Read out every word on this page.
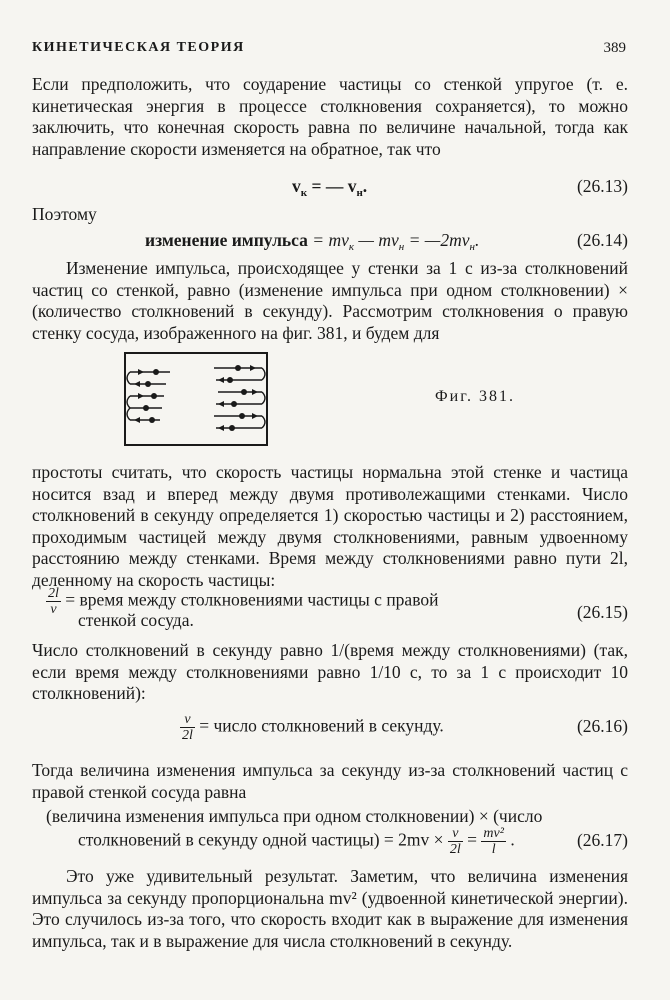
КИНЕТИЧЕСКАЯ ТЕОРИЯ	389
Если предположить, что соударение частицы со стенкой упругое (т. е. кинетическая энергия в процессе столкновения сохраняется), то можно заключить, что конечная скорость равна по величине начальной, тогда как направление скорости изменяется на обратное, так что
$v_к$ = — $v_н$.	(26.13)
Поэтому
изменение импульса = $mv_к$ — $mv_н$ = $—2mv_н$.	(26.14)
Изменение импульса, происходящее у стенки за 1 с из-за столкновений частиц со стенкой, равно (изменение импульса при одном столкновении) × (количество столкновений в секунду). Рассмотрим столкновения о правую стенку сосуда, изображенного на фиг. 381, и будем для
Фиг. 381.
простоты считать, что скорость частицы нормальна этой стенке и частица носится взад и вперед между двумя противолежащими стенками. Число столкновений в секунду определяется 1) скоростью частицы и 2) расстоянием, проходимым частицей между двумя столкновениями, равным удвоенному расстоянию между стенками. Время между столкновениями равно пути 2l, деленному на скорость частицы:
$\frac{2l}{v}$ = время между столкновениями частицы с правой
стенкой сосуда.	(26.15)
Число столкновений в секунду равно 1/(время между столкновениями) (так, если время между столкновениями равно 1/10 с, то за 1 с происходит 10 столкновений):
$\frac{v}{2l}$ = число столкновений в секунду.	(26.16)
Тогда величина изменения импульса за секунду из-за столкновений частиц с правой стенкой сосуда равна
(величина изменения импульса при одном столкновении) × (число
столкновений в секунду одной частицы) = $2mv \times \frac{v}{2l} = \frac{\text{mv²}}{l}$ .	(26.17)
Это уже удивительный результат. Заметим, что величина изменения импульса за секунду пропорциональна mv² (удвоенной кинетической энергии). Это случилось из-за того, что скорость входит как в выражение для изменения импульса, так и в выражение для числа столкновений в секунду.
